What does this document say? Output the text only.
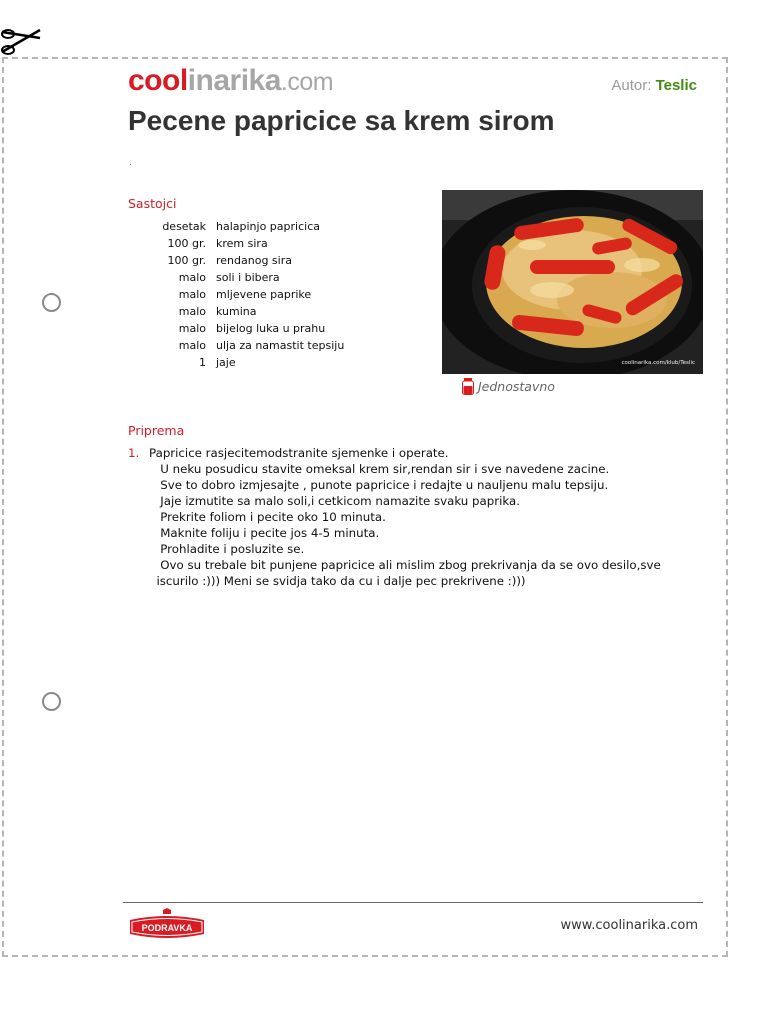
coolinarika.com	Autor: Teslic
Pecene papricice sa krem sirom
.
Sastojci
desetak halapinjo papricica
100 gr. krem sira
100 gr. rendanog sira
malo soli i bibera
malo mljevene paprike
malo kumina
malo bijelog luka u prahu
malo ulja za namastit tepsiju
1 jaje	coolinarika.com/klub/Teslic
Jednostavno
Priprema
1. Papricice rasjecitemodstranite sjemenke i operate.
U neku posudicu stavite omeksal krem sir,rendan sir i sve navedene zacine.
Sve to dobro izmjesajte , punote papricice i redajte u nauljenu malu tepsiju.
Jaje izmutite sa malo soli,i cetkicom namazite svaku paprika.
Prekrite foliom i pecite oko 10 minuta.
Maknite foliju i pecite jos 4-5 minuta.
Prohladite i posluzite se.
Ovo su trebale bit punjene papricice ali mislim zbog prekrivanja da se ovo desilo,sve
iscurilo :))) Meni se svidja tako da cu i dalje pec prekrivene :)))
PODRAVKA	www.coolinarika.com
